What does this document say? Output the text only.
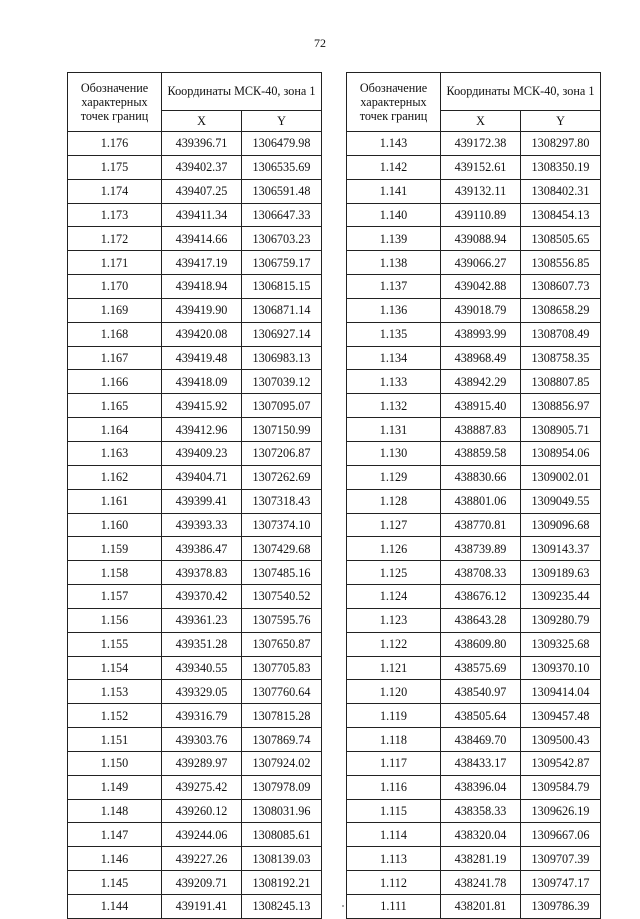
72
Обозначение характерных точек границ	Координаты МСК-40, зона 1	
	X	Y
1.176	439396.71	1306479.98
1.175	439402.37	1306535.69
1.174	439407.25	1306591.48
1.173	439411.34	1306647.33
1.172	439414.66	1306703.23
1.171	439417.19	1306759.17
1.170	439418.94	1306815.15
1.169	439419.90	1306871.14
1.168	439420.08	1306927.14
1.167	439419.48	1306983.13
1.166	439418.09	1307039.12
1.165	439415.92	1307095.07
1.164	439412.96	1307150.99
1.163	439409.23	1307206.87
1.162	439404.71	1307262.69
1.161	439399.41	1307318.43
1.160	439393.33	1307374.10
1.159	439386.47	1307429.68
1.158	439378.83	1307485.16
1.157	439370.42	1307540.52
1.156	439361.23	1307595.76
1.155	439351.28	1307650.87
1.154	439340.55	1307705.83
1.153	439329.05	1307760.64
1.152	439316.79	1307815.28
1.151	439303.76	1307869.74
1.150	439289.97	1307924.02
1.149	439275.42	1307978.09
1.148	439260.12	1308031.96
1.147	439244.06	1308085.61
1.146	439227.26	1308139.03
1.145	439209.71	1308192.21
1.144	439191.41	1308245.13
Обозначение характерных точек границ	Координаты МСК-40, зона 1	
	X	Y
1.143	439172.38	1308297.80
1.142	439152.61	1308350.19
1.141	439132.11	1308402.31
1.140	439110.89	1308454.13
1.139	439088.94	1308505.65
1.138	439066.27	1308556.85
1.137	439042.88	1308607.73
1.136	439018.79	1308658.29
1.135	438993.99	1308708.49
1.134	438968.49	1308758.35
1.133	438942.29	1308807.85
1.132	438915.40	1308856.97
1.131	438887.83	1308905.71
1.130	438859.58	1308954.06
1.129	438830.66	1309002.01
1.128	438801.06	1309049.55
1.127	438770.81	1309096.68
1.126	438739.89	1309143.37
1.125	438708.33	1309189.63
1.124	438676.12	1309235.44
1.123	438643.28	1309280.79
1.122	438609.80	1309325.68
1.121	438575.69	1309370.10
1.120	438540.97	1309414.04
1.119	438505.64	1309457.48
1.118	438469.70	1309500.43
1.117	438433.17	1309542.87
1.116	438396.04	1309584.79
1.115	438358.33	1309626.19
1.114	438320.04	1309667.06
1.113	438281.19	1309707.39
1.112	438241.78	1309747.17
1.111	438201.81	1309786.39
